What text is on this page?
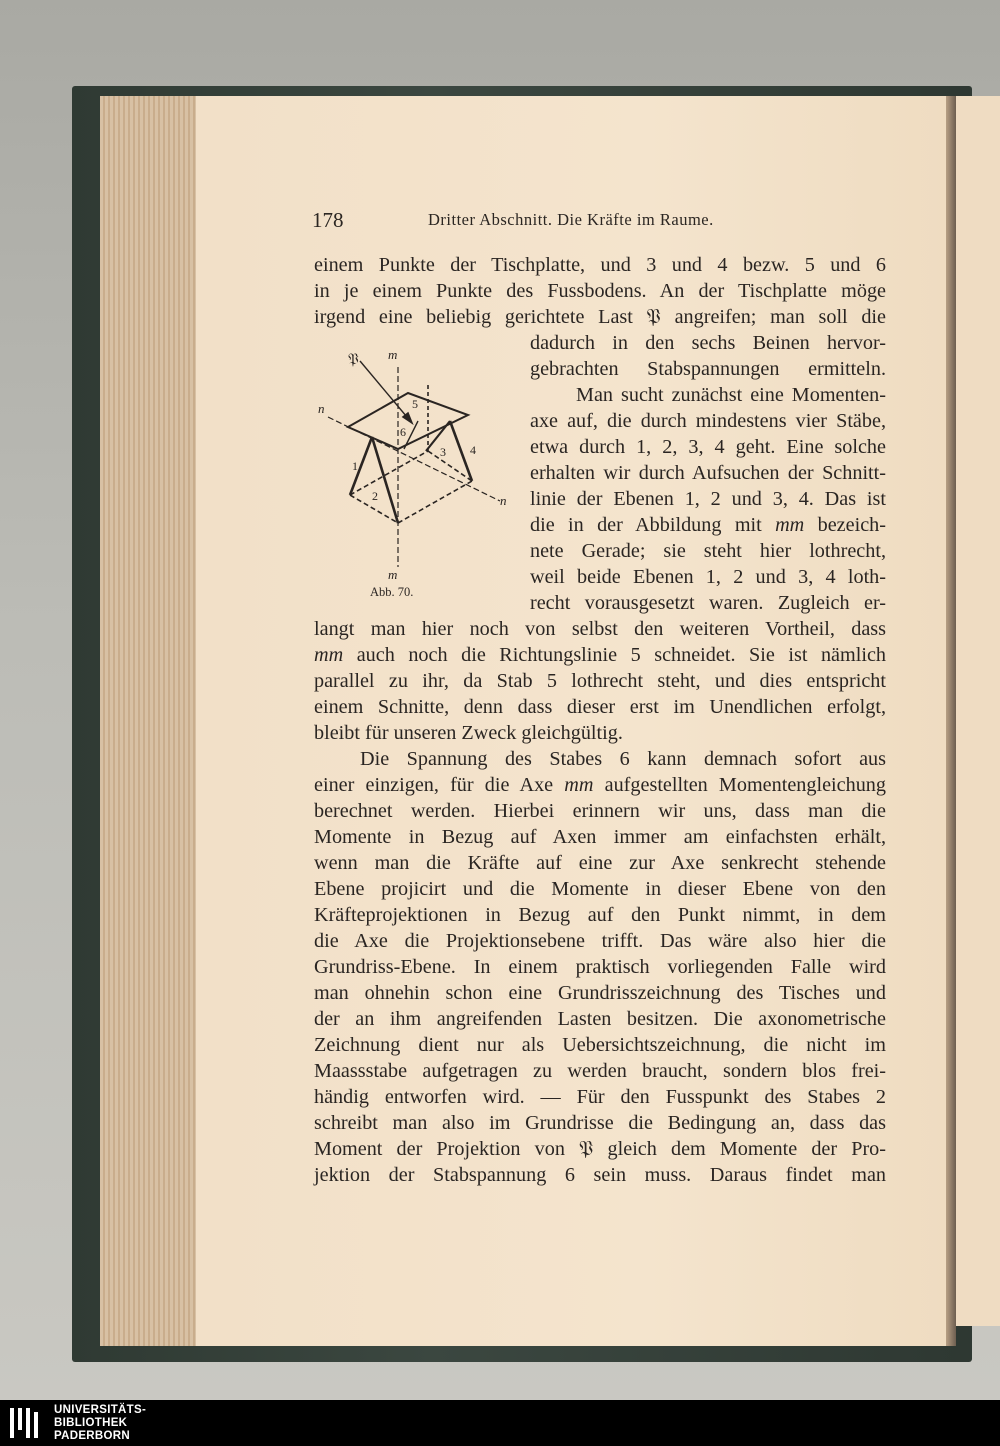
178	Dritter Abschnitt. Die Kräfte im Raume.
einem Punkte der Tischplatte, und 3 und 4 bezw. 5 und 6
in je einem Punkte des Fussbodens. An der Tischplatte möge
irgend eine beliebig gerichtete Last 𝔓 angreifen; man soll die
dadurch in den sechs Beinen hervor-
gebrachten Stabspannungen ermitteln.
Man sucht zunächst eine Momenten-
axe auf, die durch mindestens vier Stäbe,
etwa durch 1, 2, 3, 4 geht. Eine solche
erhalten wir durch Aufsuchen der Schnitt-
linie der Ebenen 1, 2 und 3, 4. Das ist
die in der Abbildung mit mm bezeich-
nete Gerade; sie steht hier lothrecht,
weil beide Ebenen 1, 2 und 3, 4 loth-
recht vorausgesetzt waren. Zugleich er-
langt man hier noch von selbst den weiteren Vortheil, dass
mm auch noch die Richtungslinie 5 schneidet. Sie ist nämlich
parallel zu ihr, da Stab 5 lothrecht steht, und dies entspricht
einem Schnitte, denn dass dieser erst im Unendlichen erfolgt,
bleibt für unseren Zweck gleichgültig.
Die Spannung des Stabes 6 kann demnach sofort aus
einer einzigen, für die Axe mm aufgestellten Momentengleichung
berechnet werden. Hierbei erinnern wir uns, dass man die
Momente in Bezug auf Axen immer am einfachsten erhält,
wenn man die Kräfte auf eine zur Axe senkrecht stehende
Ebene projicirt und die Momente in dieser Ebene von den
Kräfteprojektionen in Bezug auf den Punkt nimmt, in dem
die Axe die Projektionsebene trifft. Das wäre also hier die
Grundriss-Ebene. In einem praktisch vorliegenden Falle wird
man ohnehin schon eine Grundrisszeichnung des Tisches und
der an ihm angreifenden Lasten besitzen. Die axonometrische
Zeichnung dient nur als Uebersichtszeichnung, die nicht im
Maassstabe aufgetragen zu werden braucht, sondern blos frei-
händig entworfen wird. — Für den Fusspunkt des Stabes 2
schreibt man also im Grundrisse die Bedingung an, dass das
Moment der Projektion von 𝔓 gleich dem Momente der Pro-
jektion der Stabspannung 6 sein muss. Daraus findet man
𝔓 m
m
n
n
1
2
3 4
5
6
Abb. 70.
UNIVERSITÄTS-
BIBLIOTHEK
PADERBORN
